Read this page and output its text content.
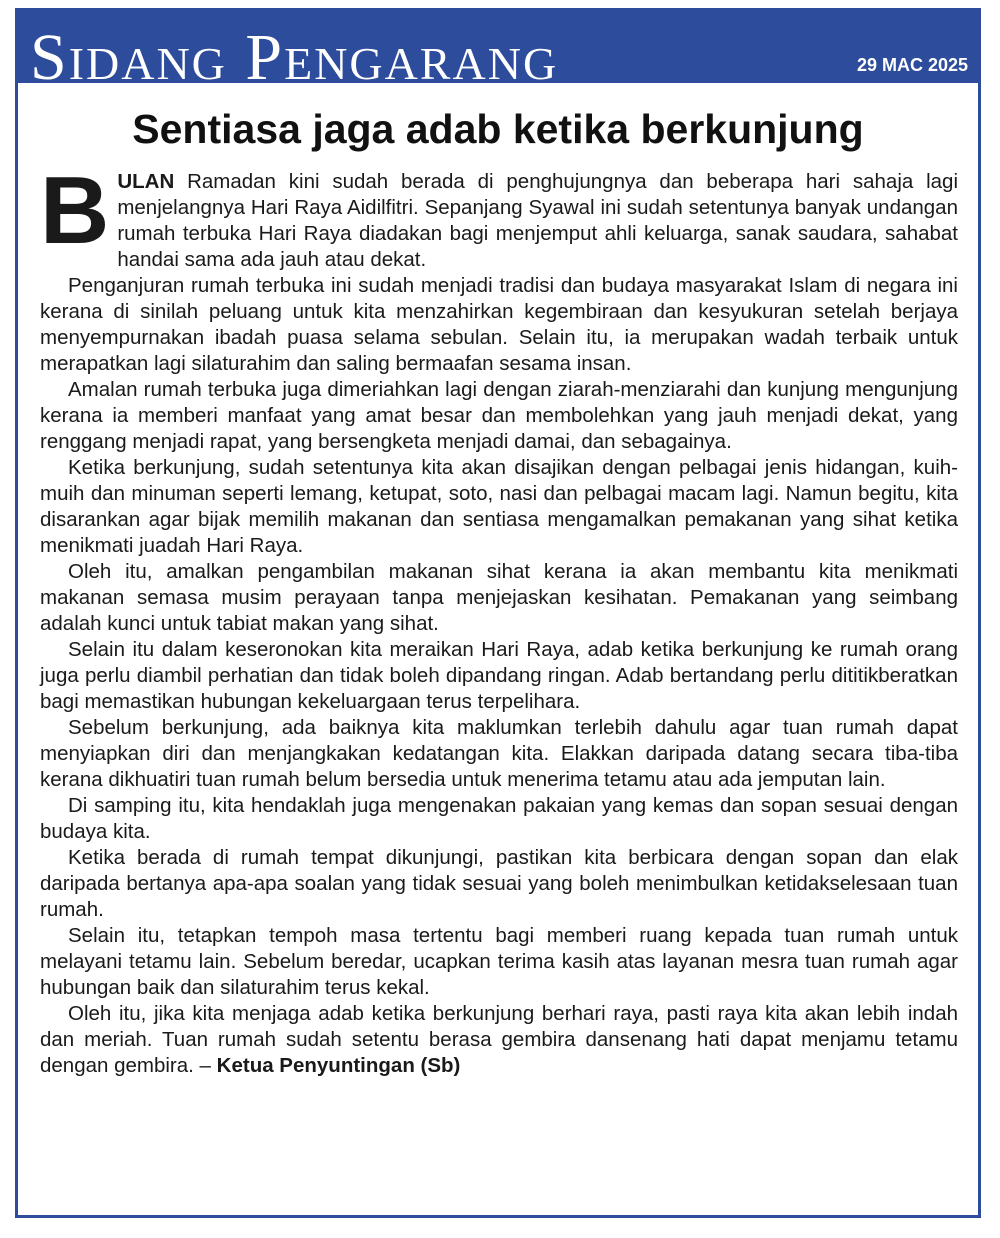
Sidang Pengarang	29 MAC 2025
Sentiasa jaga adab ketika berkunjung

BULAN Ramadan kini sudah berada di penghujungnya dan beberapa hari sahaja lagi menjelangnya Hari Raya Aidilfitri. Sepanjang Syawal ini sudah setentunya banyak undangan rumah terbuka Hari Raya diadakan bagi menjemput ahli keluarga, sanak saudara, sahabat handai sama ada jauh atau dekat.

Penganjuran rumah terbuka ini sudah menjadi tradisi dan budaya masyarakat Islam di negara ini kerana di sinilah peluang untuk kita menzahirkan kegembiraan dan kesyukuran setelah berjaya menyempurnakan ibadah puasa selama sebulan. Selain itu, ia merupakan wadah terbaik untuk merapatkan lagi silaturahim dan saling bermaafan sesama insan.

Amalan rumah terbuka juga dimeriahkan lagi dengan ziarah-menziarahi dan kunjung mengunjung kerana ia memberi manfaat yang amat besar dan membolehkan yang jauh menjadi dekat, yang renggang menjadi rapat, yang bersengketa menjadi damai, dan sebagainya.

Ketika berkunjung, sudah setentunya kita akan disajikan dengan pelbagai jenis hidangan, kuih-muih dan minuman seperti lemang, ketupat, soto, nasi dan pelbagai macam lagi. Namun begitu, kita disarankan agar bijak memilih makanan dan sentiasa mengamalkan pemakanan yang sihat ketika menikmati juadah Hari Raya.

Oleh itu, amalkan pengambilan makanan sihat kerana ia akan membantu kita menikmati makanan semasa musim perayaan tanpa menjejaskan kesihatan. Pemakanan yang seimbang adalah kunci untuk tabiat makan yang sihat.

Selain itu dalam keseronokan kita meraikan Hari Raya, adab ketika berkunjung ke rumah orang juga perlu diambil perhatian dan tidak boleh dipandang ringan. Adab bertandang perlu dititikberatkan bagi memastikan hubungan kekeluargaan terus terpelihara.

Sebelum berkunjung, ada baiknya kita maklumkan terlebih dahulu agar tuan rumah dapat menyiapkan diri dan menjangkakan kedatangan kita. Elakkan daripada datang secara tiba-tiba kerana dikhuatiri tuan rumah belum bersedia untuk menerima tetamu atau ada jemputan lain.

Di samping itu, kita hendaklah juga mengenakan pakaian yang kemas dan sopan sesuai dengan budaya kita.

Ketika berada di rumah tempat dikunjungi, pastikan kita berbicara dengan sopan dan elak daripada bertanya apa-apa soalan yang tidak sesuai yang boleh menimbulkan ketidakselesaan tuan rumah.

Selain itu, tetapkan tempoh masa tertentu bagi memberi ruang kepada tuan rumah untuk melayani tetamu lain. Sebelum beredar, ucapkan terima kasih atas layanan mesra tuan rumah agar hubungan baik dan silaturahim terus kekal.

Oleh itu, jika kita menjaga adab ketika berkunjung berhari raya, pasti raya kita akan lebih indah dan meriah. Tuan rumah sudah setentu berasa gembira dansenang hati dapat menjamu tetamu dengan gembira. – Ketua Penyuntingan (Sb)
